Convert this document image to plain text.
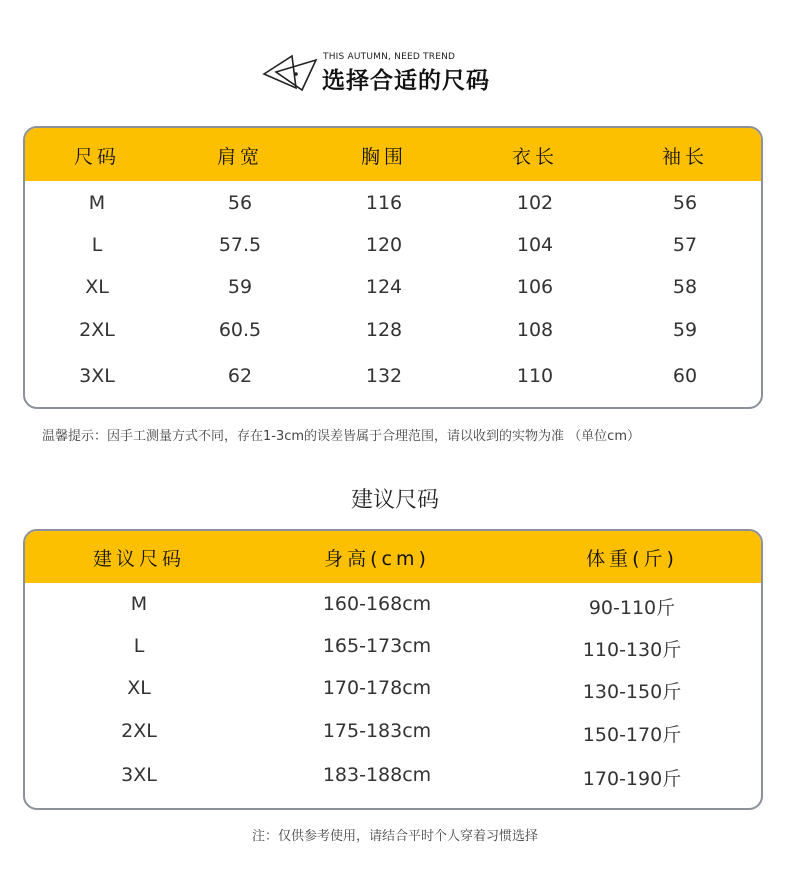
THIS AUTUMN, NEED TREND
选择合适的尺码
尺码	肩宽	胸围	衣长	袖长
M	56	116	102	56
L	57.5	120	104	57
XL	59	124	106	58
2XL	60.5	128	108	59
3XL	62	132	110	60
温馨提示：因手工测量方式不同，存在1-3cm的误差皆属于合理范围，请以收到的实物为准 （单位cm）
建议尺码
建议尺码	身高(cm)	体重(斤)
M	160-168cm	90-110斤
L	165-173cm	110-130斤
XL	170-178cm	130-150斤
2XL	175-183cm	150-170斤
3XL	183-188cm	170-190斤
注：仅供参考使用，请结合平时个人穿着习惯选择
